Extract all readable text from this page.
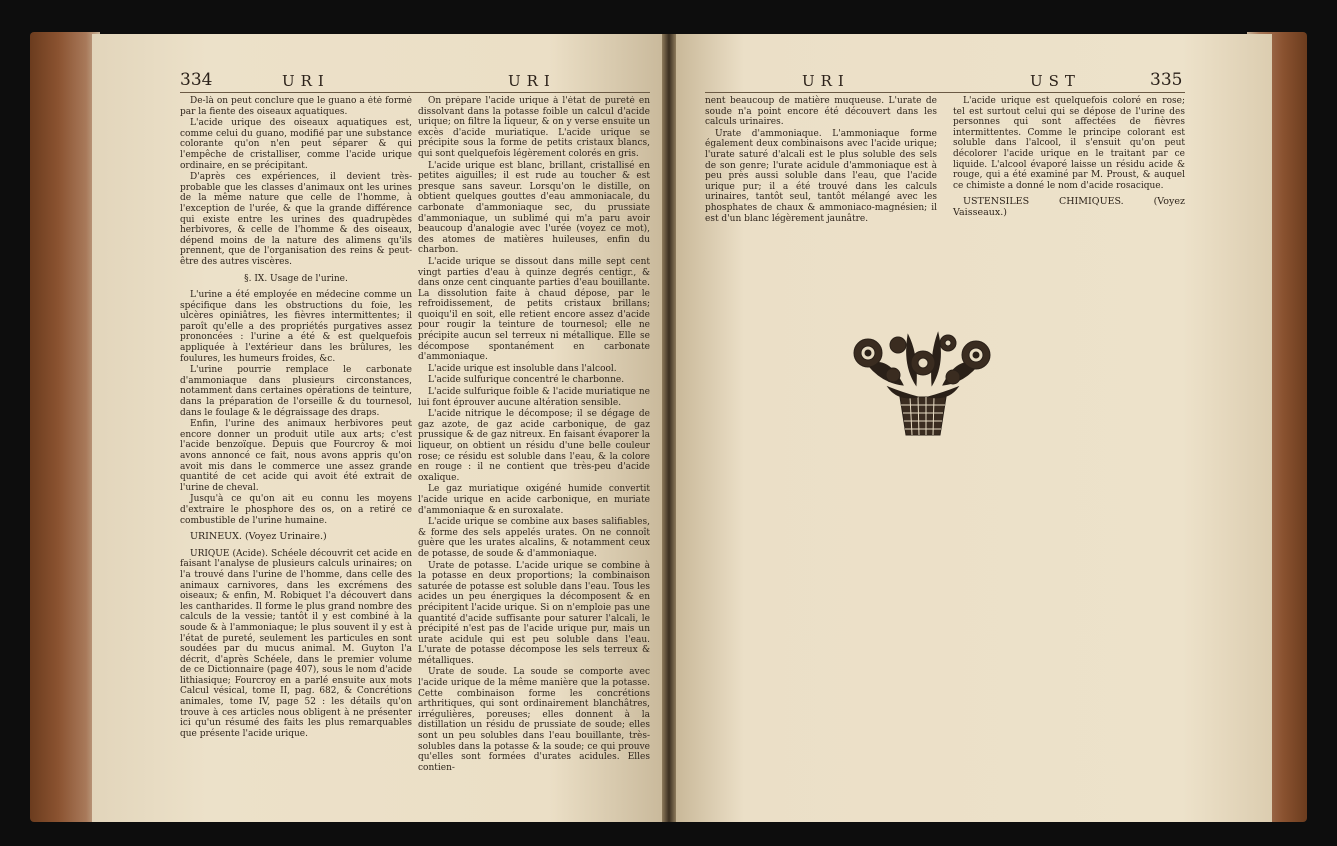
334	URI	URI	URI	UST	335

De-là on peut conclure que le guano a été formé par la fiente des oiseaux aquatiques.

L'acide urique des oiseaux aquatiques est, comme celui du guano, modifié par une substance colorante qu'on n'en peut séparer & qui l'empêche de cristalliser, comme l'acide urique ordinaire, en se précipitant.

D'après ces expériences, il devient très-probable que les classes d'animaux ont les urines de la même nature que celle de l'homme, à l'exception de l'urée, & que la grande différence qui existe entre les urines des quadrupèdes herbivores, & celle de l'homme & des oiseaux, dépend moins de la nature des alimens qu'ils prennent, que de l'organisation des reins & peut-être des autres viscères.

§. IX. Usage de l'urine.

L'urine a été employée en médecine comme un spécifique dans les obstructions du foie, les ulcères opiniâtres, les fièvres intermittentes; il paroît qu'elle a des propriétés purgatives assez prononcées : l'urine a été & est quelquefois appliquée à l'extérieur dans les brûlures, les foulures, les humeurs froides, &c.

L'urine pourrie remplace le carbonate d'ammoniaque dans plusieurs circonstances, notamment dans certaines opérations de teinture, dans la préparation de l'orseille & du tournesol, dans le foulage & le dégraissage des draps.

Enfin, l'urine des animaux herbivores peut encore donner un produit utile aux arts; c'est l'acide benzoïque. Depuis que Fourcroy & moi avons annoncé ce fait, nous avons appris qu'on avoit mis dans le commerce une assez grande quantité de cet acide qui avoit été extrait de l'urine de cheval.

Jusqu'à ce qu'on ait eu connu les moyens d'extraire le phosphore des os, on a retiré ce combustible de l'urine humaine.

URINEUX. (Voyez Urinaire.)

URIQUE (Acide). Schéele découvrit cet acide en faisant l'analyse de plusieurs calculs urinaires; on l'a trouvé dans l'urine de l'homme, dans celle des animaux carnivores, dans les excrémens des oiseaux; & enfin, M. Robiquet l'a découvert dans les cantharides. Il forme le plus grand nombre des calculs de la vessie; tantôt il y est combiné à la soude & à l'ammoniaque; le plus souvent il y est à l'état de pureté, seulement les particules en sont soudées par du mucus animal. M. Guyton l'a décrit, d'après Schéele, dans le premier volume de ce Dictionnaire (page 407), sous le nom d'acide lithiasique; Fourcroy en a parlé ensuite aux mots Calcul vésical, tome II, pag. 682, & Concrétions animales, tome IV, page 52 : les détails qu'on trouve à ces articles nous obligent à ne présenter ici qu'un résumé des faits les plus remarquables que présente l'acide urique.

On prépare l'acide urique à l'état de pureté en dissolvant dans la potasse foible un calcul d'acide urique; on filtre la liqueur, & on y verse ensuite un excès d'acide muriatique. L'acide urique se précipite sous la forme de petits cristaux blancs, qui sont quelquefois légèrement colorés en gris.

L'acide urique est blanc, brillant, cristallisé en petites aiguilles; il est rude au toucher & est presque sans saveur. Lorsqu'on le distille, on obtient quelques gouttes d'eau ammoniacale, du carbonate d'ammoniaque sec, du prussiate d'ammoniaque, un sublimé qui m'a paru avoir beaucoup d'analogie avec l'urée (voyez ce mot), des atomes de matières huileuses, enfin du charbon.

L'acide urique se dissout dans mille sept cent vingt parties d'eau à quinze degrés centigr., & dans onze cent cinquante parties d'eau bouillante. La dissolution faite à chaud dépose, par le refroidissement, de petits cristaux brillans; quoiqu'il en soit, elle retient encore assez d'acide pour rougir la teinture de tournesol; elle ne précipite aucun sel terreux ni métallique. Elle se décompose spontanément en carbonate d'ammoniaque.

L'acide urique est insoluble dans l'alcool.

L'acide sulfurique concentré le charbonne.

L'acide sulfurique foible & l'acide muriatique ne lui font éprouver aucune altération sensible.

L'acide nitrique le décompose; il se dégage de gaz azote, de gaz acide carbonique, de gaz prussique & de gaz nitreux. En faisant évaporer la liqueur, on obtient un résidu d'une belle couleur rose; ce résidu est soluble dans l'eau, & la colore en rouge : il ne contient que très-peu d'acide oxalique.

Le gaz muriatique oxigéné humide convertit l'acide urique en acide carbonique, en muriate d'ammoniaque & en suroxalate.

L'acide urique se combine aux bases salifiables, & forme des sels appelés urates. On ne connoît guère que les urates alcalins, & notamment ceux de potasse, de soude & d'ammoniaque.

Urate de potasse. L'acide urique se combine à la potasse en deux proportions; la combinaison saturée de potasse est soluble dans l'eau. Tous les acides un peu énergiques la décomposent & en précipitent l'acide urique. Si on n'emploie pas une quantité d'acide suffisante pour saturer l'alcali, le précipité n'est pas de l'acide urique pur, mais un urate acidule qui est peu soluble dans l'eau. L'urate de potasse décompose les sels terreux & métalliques.

Urate de soude. La soude se comporte avec l'acide urique de la même manière que la potasse. Cette combinaison forme les concrétions arthritiques, qui sont ordinairement blanchâtres, irrégulières, poreuses; elles donnent à la distillation un résidu de prussiate de soude; elles sont un peu solubles dans l'eau bouillante, très-solubles dans la potasse & la soude; ce qui prouve qu'elles sont formées d'urates acidules. Elles contien-

nent beaucoup de matière muqueuse. L'urate de soude n'a point encore été découvert dans les calculs urinaires.

Urate d'ammoniaque. L'ammoniaque forme également deux combinaisons avec l'acide urique; l'urate saturé d'alcali est le plus soluble des sels de son genre; l'urate acidule d'ammoniaque est à peu près aussi soluble dans l'eau, que l'acide urique pur; il a été trouvé dans les calculs urinaires, tantôt seul, tantôt mélangé avec les phosphates de chaux & ammoniaco-magnésien; il est d'un blanc légèrement jaunâtre.

L'acide urique est quelquefois coloré en rose; tel est surtout celui qui se dépose de l'urine des personnes qui sont affectées de fièvres intermittentes. Comme le principe colorant est soluble dans l'alcool, il s'ensuit qu'on peut décolorer l'acide urique en le traitant par ce liquide. L'alcool évaporé laisse un résidu acide & rouge, qui a été examiné par M. Proust, & auquel ce chimiste a donné le nom d'acide rosacique.

USTENSILES CHIMIQUES. (Voyez Vaisseaux.)
